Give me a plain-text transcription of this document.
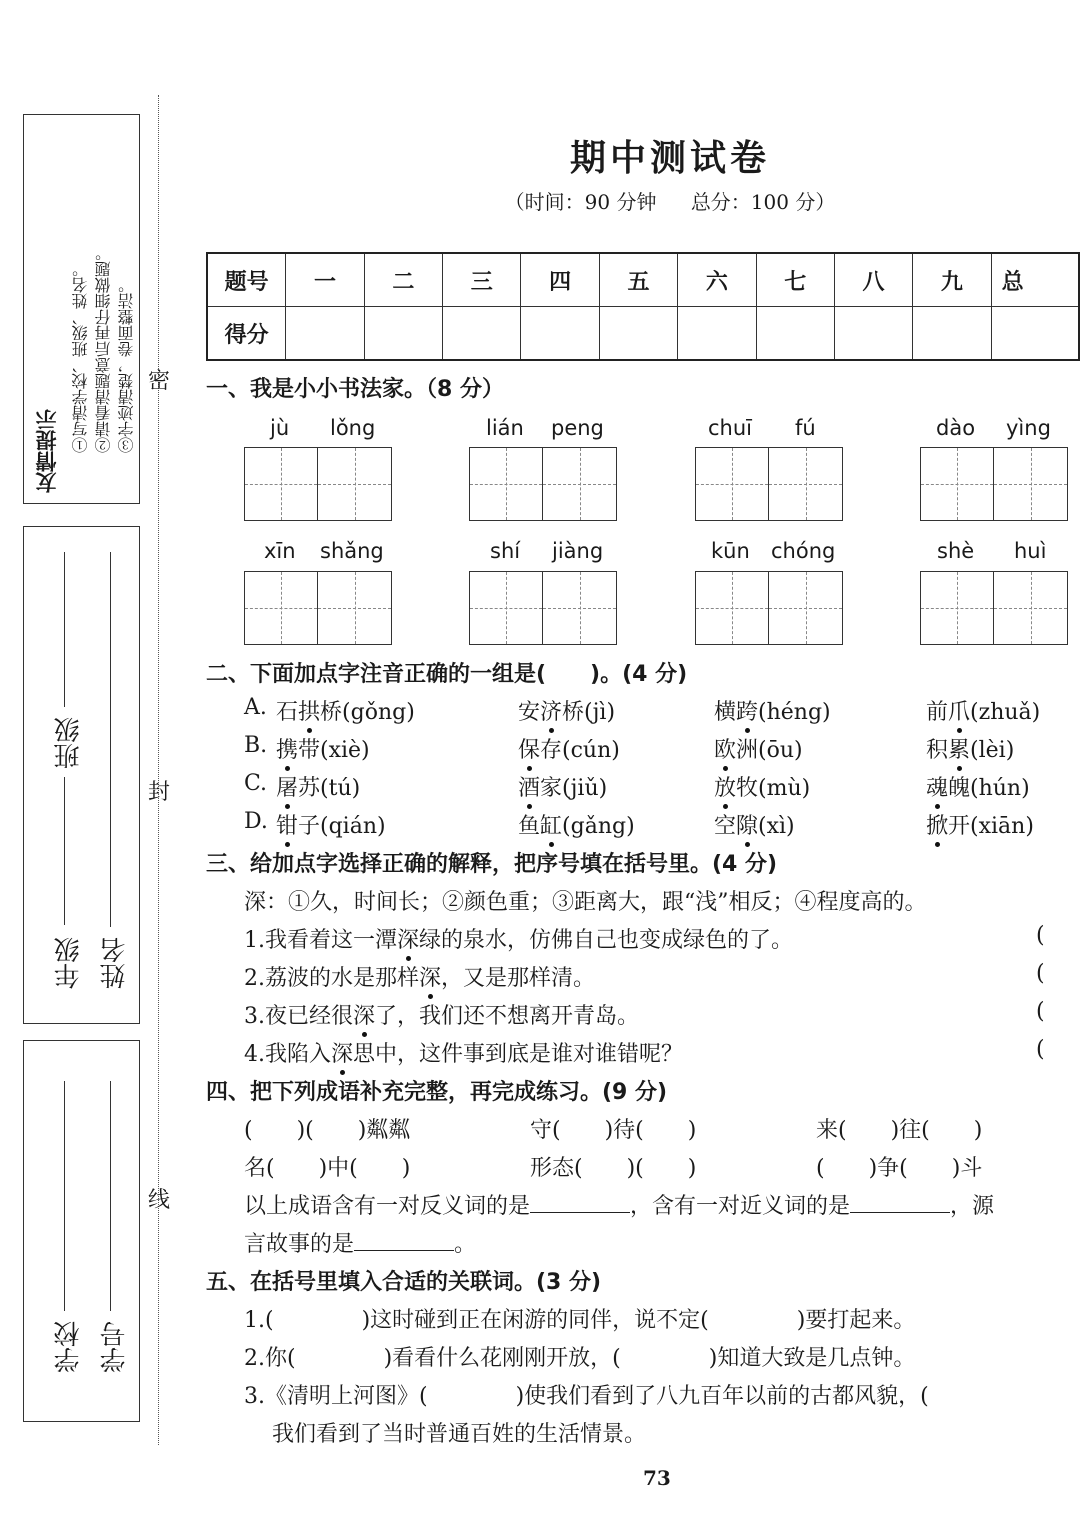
友情提示 ①写清学校、班级、姓名。 ②请看清题意后再仔细做题。 ③字迹清楚，卷面整洁。
年级
班级
姓名
学校 学号
密
封
线
期中测试卷
（时间：90 分钟 总分：100 分）
题号	一	二	三	四	五	六	七	八	九	总
得分										
一、我是小小书法家。（8 分）
jù lǒng	lián peng	chuī fú	dào yìng
xīn shǎng	shí jiàng	kūn chóng	shè huì
二、下面加点字注音正确的一组是(　　)。(4 分)
A. 石拱桥(gǒng)	安济桥(jì)	横跨(héng)	前爪(zhuǎ)
B. 携带(xiè)	保存(cún)	欧洲(ōu)	积累(lèi)
C. 屠苏(tú)	酒家(jiǔ)	放牧(mù)	魂魄(hún)
D. 钳子(qián)	鱼缸(gǎng)	空隙(xì)	掀开(xiān)
三、给加点字选择正确的解释，把序号填在括号里。(4 分)
深：①久，时间长；②颜色重；③距离大，跟“浅”相反；④程度高的。
1.我看着这一潭深绿的泉水，仿佛自己也变成绿色的了。	(
2.荔波的水是那样深，又是那样清。	(
3.夜已经很深了，我们还不想离开青岛。	(
4.我陷入深思中，这件事到底是谁对谁错呢？	(
四、把下列成语补充完整，再完成练习。(9 分)
(　　)(　　)粼粼	守(　　)待(　　)	来(　　)往(　　)
名(　　)中(　　)	形态(　　)(　　)	(　　)争(　　)斗
以上成语含有一对反义词的是	，含有一对近义词的是	，源
言故事的是	。
五、在括号里填入合适的关联词。(3 分)
1.(　　　　)这时碰到正在闲游的同伴，说不定(　　　　)要打起来。
2.你(　　　　)看看什么花刚刚开放，(　　　　)知道大致是几点钟。
3.《清明上河图》(　　　　)使我们看到了八九百年以前的古都风貌，(
我们看到了当时普通百姓的生活情景。
73
